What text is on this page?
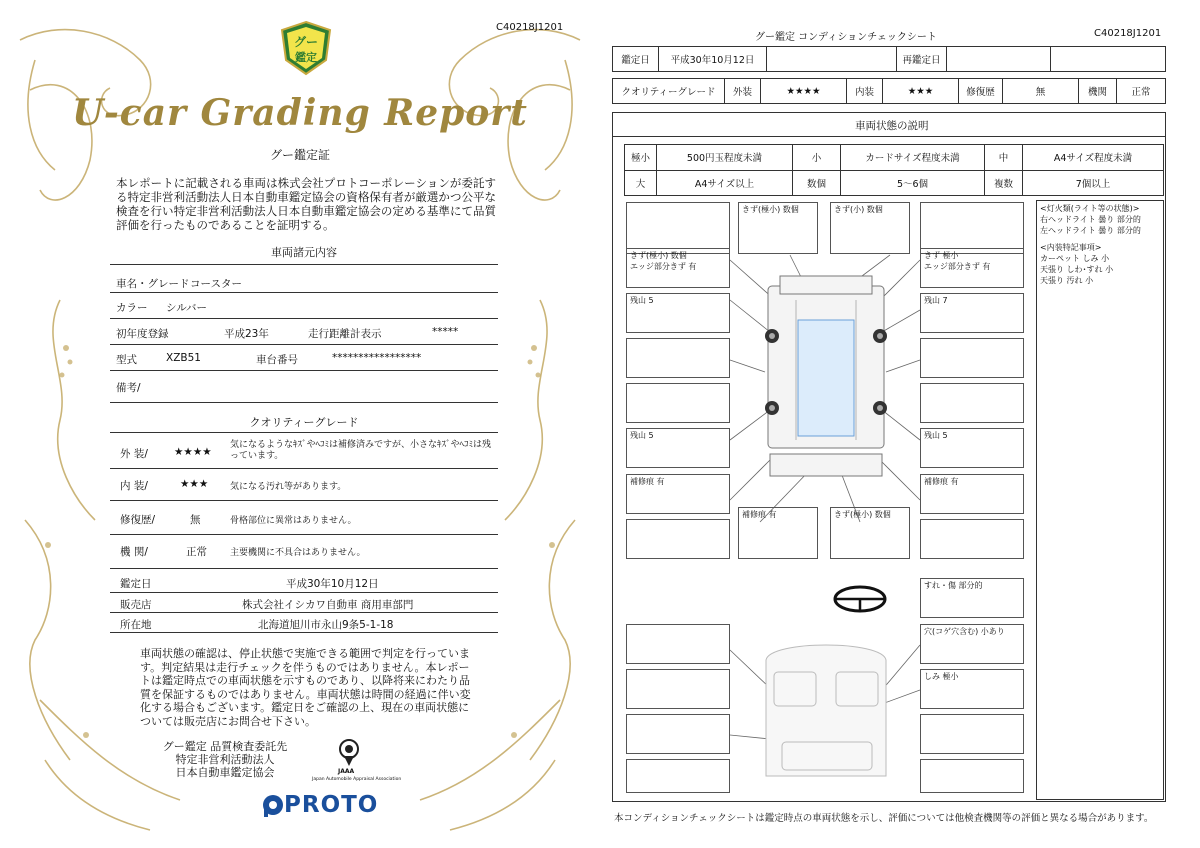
C40218J1201
グー
鑑定
U-car Grading Report
グー鑑定証
本レポートに記載される車両は株式会社プロトコーポレーションが委託する特定非営利活動法人日本自動車鑑定協会の資格保有者が厳選かつ公平な検査を行い特定非営利活動法人日本自動車鑑定協会の定める基準にて品質評価を行ったものであることを証明する。
車両諸元内容
車名・グレード コースター
カラー シルバー
初年度登録	平成23年	走行距離計表示	*****
型式	XZB51	車台番号	*****************
備考/
クオリティーグレード
外 装/ ★★★★
気になるようなｷｽﾞやﾍｺﾐは補修済みですが、小さなｷｽﾞやﾍｺﾐは残っています。
内 装/	★★★ 気になる汚れ等があります。
修復歴/	無	骨格部位に異常はありません。
機 関/	正常	主要機関に不具合はありません。
鑑定日	平成30年10月12日
販売店	株式会社イシカワ自動車 商用車部門
所在地	北海道旭川市永山9条5-1-18
車両状態の確認は、停止状態で実施できる範囲で判定を行っています。判定結果は走行チェックを伴うものではありません。本レポートは鑑定時点での車両状態を示すものであり、以降将来にわたり品質を保証するものではありません。車両状態は時間の経過に伴い変化する場合もございます。鑑定日をご確認の上、現在の車両状態については販売店にお問合せ下さい。
グー鑑定 品質検査委託先
特定非営利活動法人
日本自動車鑑定協会	JAAA
Japan Automobile Appraisal Association
PROTO
グー鑑定 コンディションチェックシート	C40218J1201
鑑定日	平成30年10月12日		再鑑定日		
クオリティーグレード	外装	★★★★	内装	★★★	修復歴	無	機関	正常
車両状態の説明
極小	500円玉程度未満	小	カードサイズ程度未満	中	A4サイズ程度未満
大	A4サイズ以上	数個	5～6個	複数	7個以上
きず(極小) 数個	きず(小) 数個
きず(極小) 数個
エッジ部分きず 有
きず 極小
エッジ部分きず 有
残山 5	残山 7
残山 5	残山 5
補修痕 有	補修痕 有
補修痕 有	きず(極小) 数個
すれ・傷 部分的
穴(コゲ穴含む) 小あり
しみ 極小
<灯火類(ライト等の状態)>
右ヘッドライト 曇り 部分的
左ヘッドライト 曇り 部分的
<内装特記事項>
カーペット しみ 小
天張り しわ･すれ 小
天張り 汚れ 小
本コンディションチェックシートは鑑定時点の車両状態を示し、評価については他検査機関等の評価と異なる場合があります。
